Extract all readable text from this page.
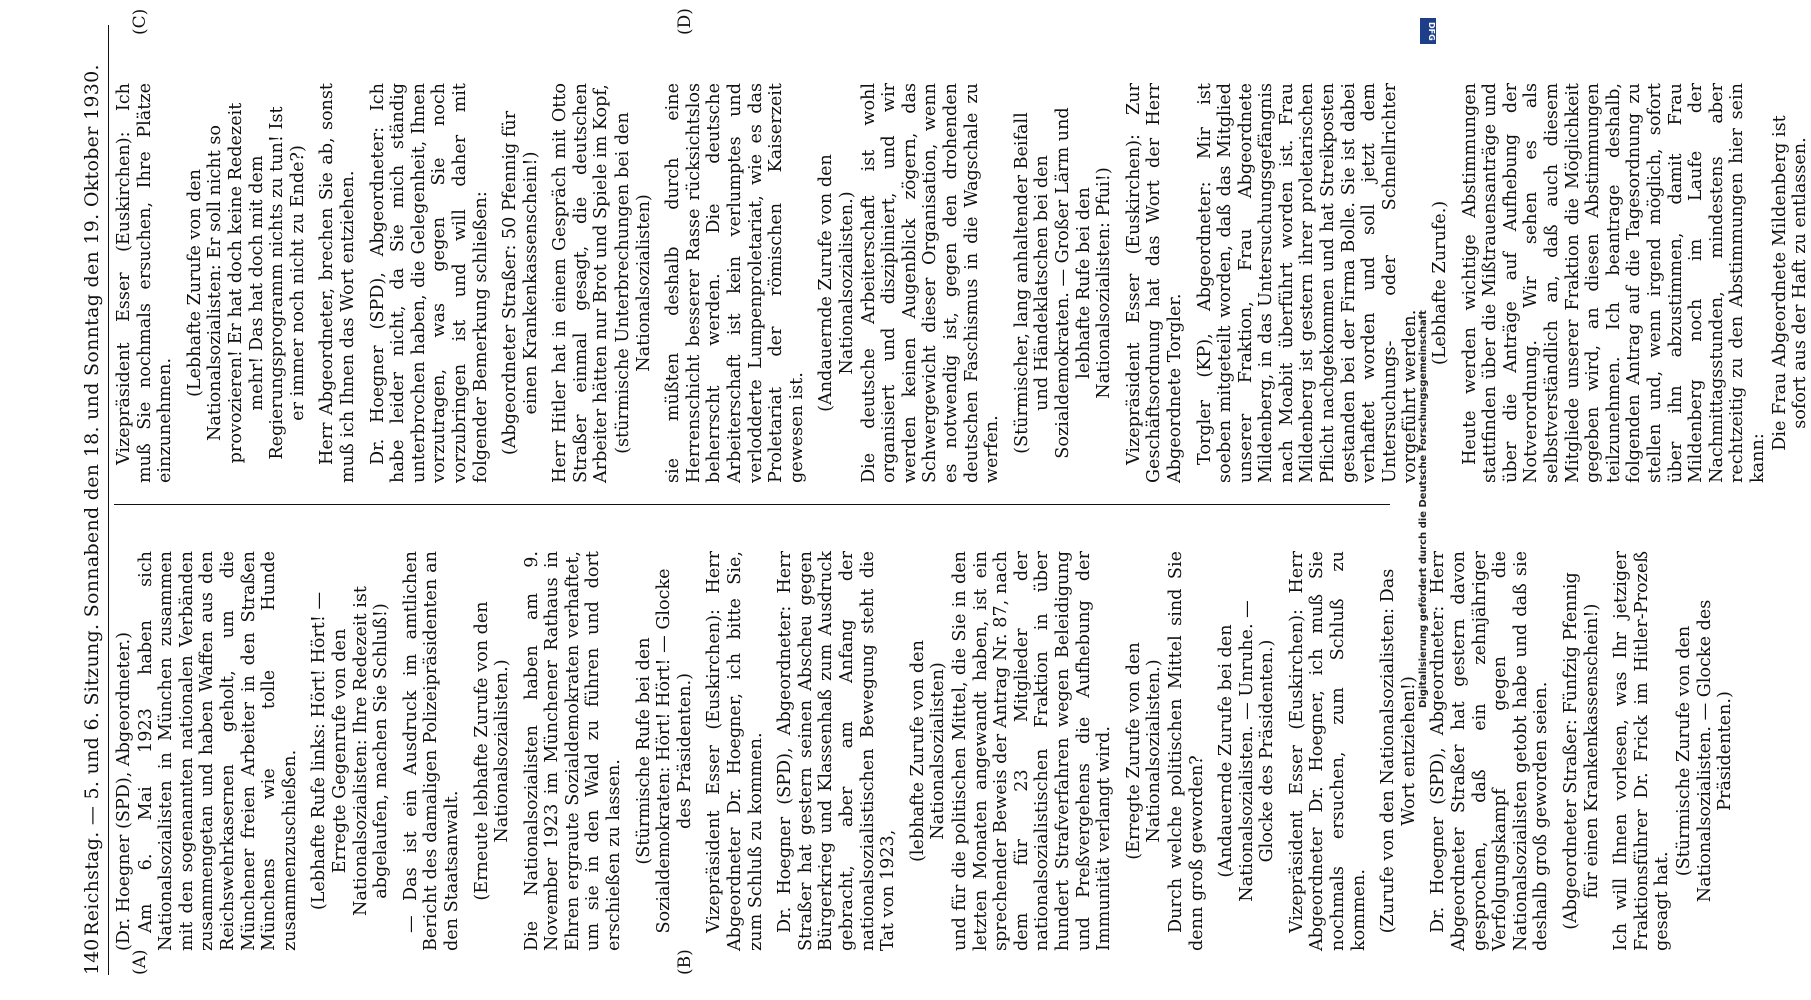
140
Reichstag. — 5. und 6. Sitzung. Sonnabend den 18. und Sonntag den 19. Oktober 1930.
(A)	(B)
(C)	(D)

(Dr. Hoegner (SPD), Abgeordneter.) Am 6. Mai 1923 haben sich Nationalsozialisten in München zusammen mit den sogenannten nationalen Verbänden zusammengetan und haben Waffen aus den Reichswehrkasernen geholt, um die Münchener freien Arbeiter in den Straßen Münchens wie tolle Hunde zusammenzuschießen. (Lebhafte Rufe links: Hört! Hört! — Erregte Gegenrufe von den Nationalsozialisten: Ihre Redezeit ist abgelaufen, machen Sie Schluß!) — Das ist ein Ausdruck im amtlichen Bericht des damaligen Polizeipräsidenten an den Staatsanwalt. (Erneute lebhafte Zurufe von den Nationalsozialisten.) Die Nationalsozialisten haben am 9. November 1923 im Münchener Rathaus in Ehren ergraute Sozialdemokraten verhaftet, um sie in den Wald zu führen und dort erschießen zu lassen. (Stürmische Rufe bei den Sozialdemokraten: Hört! Hört! — Glocke des Präsidenten.) Vizepräsident Esser (Euskirchen): Herr Abgeordneter Dr. Hoegner, ich bitte Sie, zum Schluß zu kommen. Dr. Hoegner (SPD), Abgeordneter: Herr Straßer hat gestern seinen Abscheu gegen Bürgerkrieg und Klassenhaß zum Ausdruck gebracht, aber am Anfang der nationalsozialistischen Bewegung steht die Tat von 1923,

(lebhafte Zurufe von den Nationalsozialisten) und für die politischen Mittel, die Sie in den letzten Monaten angewandt haben, ist ein sprechender Beweis der Antrag Nr. 87, nach dem für 23 Mitglieder der nationalsozialistischen Fraktion in über hundert Strafverfahren wegen Beleidigung und Preßvergehens die Aufhebung der Immunität verlangt wird. (Erregte Zurufe von den Nationalsozialisten.) Durch welche politischen Mittel sind Sie denn groß geworden? (Andauernde Zurufe bei den Nationalsozialisten. — Unruhe. — Glocke des Präsidenten.) Vizepräsident Esser (Euskirchen): Herr Abgeordneter Dr. Hoegner, ich muß Sie nochmals ersuchen, zum Schluß zu kommen. (Zurufe von den Nationalsozialisten: Das Wort entziehen!) Dr. Hoegner (SPD), Abgeordneter: Herr Abgeordneter Straßer hat gestern davon gesprochen, daß ein zehnjähriger Verfolgungskampf gegen die Nationalsozialisten getobt habe und daß sie deshalb groß geworden seien. (Abgeordneter Straßer: Fünfzig Pfennig für einen Krankenkassenschein!) Ich will Ihnen vorlesen, was Ihr jetziger Fraktionsführer Dr. Frick im Hitler-Prozeß gesagt hat.

(Stürmische Zurufe von den Nationalsozialisten. — Glocke des Präsidenten.)

Vizepräsident Esser (Euskirchen): Ich muß Sie nochmals ersuchen, Ihre Plätze einzunehmen.

(Lebhafte Zurufe von den Nationalsozialisten: Er soll nicht so provozieren! Er hat doch keine Redezeit mehr! Das hat doch mit dem Regierungsprogramm nichts zu tun! Ist er immer noch nicht zu Ende?) Herr Abgeordneter, brechen Sie ab, sonst muß ich Ihnen das Wort entziehen. Dr. Hoegner (SPD), Abgeordneter: Ich habe leider nicht, da Sie mich ständig unterbrochen haben, die Gelegenheit, Ihnen vorzutragen, was gegen Sie noch vorzubringen ist und will daher mit folgender Bemerkung schließen: (Abgeordneter Straßer: 50 Pfennig für einen Krankenkassenschein!) Herr Hitler hat in einem Gespräch mit Otto Straßer einmal gesagt, die deutschen Arbeiter hätten nur Brot und Spiele im Kopf, (stürmische Unterbrechungen bei den Nationalsozialisten) sie müßten deshalb durch eine Herrenschicht besserer Rasse rücksichtslos beherrscht werden. Die deutsche Arbeiterschaft ist kein verlumptes und verlodderte Lumpenproletariat, wie es das Proletariat der römischen Kaiserzeit gewesen ist.

(Andauernde Zurufe von den Nationalsozialisten.) Die deutsche Arbeiterschaft ist wohl organisiert und diszipliniert, und wir werden keinen Augenblick zögern, das Schwergewicht dieser Organisation, wenn es notwendig ist, gegen den drohenden deutschen Faschismus in die Wagschale zu werfen. (Stürmischer, lang anhaltender Beifall und Händeklatschen bei den Sozialdemokraten. — Großer Lärm und lebhafte Rufe bei den Nationalsozialisten: Pfui!) Vizepräsident Esser (Euskirchen): Zur Geschäftsordnung hat das Wort der Herr Abgeordnete Torgler. Torgler (KP), Abgeordneter: Mir ist soeben mitgeteilt worden, daß das Mitglied unserer Fraktion, Frau Abgeordnete Mildenberg, in das Untersuchungsgefängnis nach Moabit überführt worden ist. Frau Mildenberg ist gestern ihrer proletarischen Pflicht nachgekommen und hat Streikposten gestanden bei der Firma Bolle. Sie ist dabei verhaftet worden und soll jetzt dem Untersuchungs- oder Schnellrichter vorgeführt werden.

(Lebhafte Zurufe.) Heute werden wichtige Abstimmungen stattfinden über die Mißtrauensanträge und über die Anträge auf Aufhebung der Notverordnung. Wir sehen es als selbstverständlich an, daß auch diesem Mitgliede unserer Fraktion die Möglichkeit gegeben wird, an diesen Abstimmungen teilzunehmen. Ich beantrage deshalb, folgenden Antrag auf die Tagesordnung zu stellen und, wenn irgend möglich, sofort über ihn abzustimmen, damit Frau Mildenberg noch im Laufe der Nachmittagsstunden, mindestens aber rechtzeitig zu den Abstimmungen hier sein kann:

Die Frau Abgeordnete Mildenberg ist sofort aus der Haft zu entlassen.

DFG
Digitalisierung gefördert durch die Deutsche Forschungsgemeinschaft
